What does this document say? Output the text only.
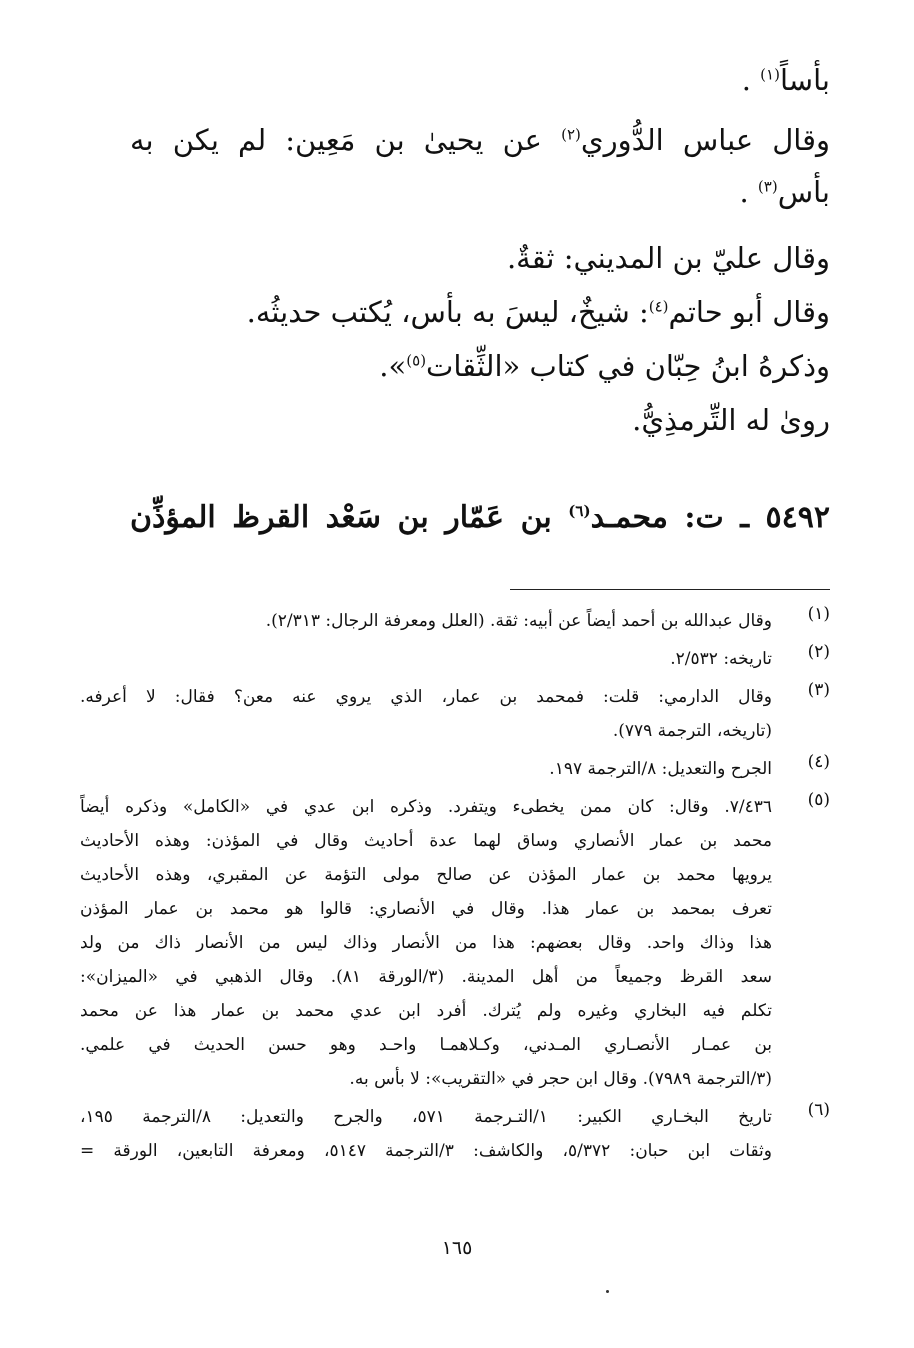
بأساً$^{(١)}$ .
وقال عباس الدُّوري$^{(٢)}$ عن يحيىٰ بن مَعِين: لم يكن به
بأس$^{(٣)}$ .
وقال عليّ بن المديني: ثقةٌ.
وقال أبو حاتم$^{(٤)}$: شيخٌ، ليسَ به بأس، يُكتب حديثُه.
وذكرهُ ابنُ حِبّان في كتاب «الثِّقات$^{(٥)}$».
رویٰ له التِّرمذِيُّ.
٥٤٩٢ ـ ت: محمـد$^{(٦)}$ بن عَمّار بن سَعْد القرظ المؤذِّن
(١)
وقال عبدالله بن أحمد أيضاً عن أبيه: ثقة. (العلل ومعرفة الرجال: ٢/٣١٣).
(٢)
تاريخه: ٢/٥٣٢.
(٣)
وقال الدارمي: قلت: فمحمد بن عمار، الذي يروي عنه معن؟ فقال: لا أعرفه.
(تاريخه، الترجمة ٧٧٩).
(٤)
الجرح والتعديل: ٨/الترجمة ١٩٧.
(٥)
٧/٤٣٦. وقال: كان ممن يخطىء ويتفرد. وذكره ابن عدي في «الكامل» وذكره أيضاً
محمد بن عمار الأنصاري وساق لهما عدة أحاديث وقال في المؤذن: وهذه الأحاديث
يرويها محمد بن عمار المؤذن عن صالح مولى التؤمة عن المقبري، وهذه الأحاديث
تعرف بمحمد بن عمار هذا. وقال في الأنصاري: قالوا هو محمد بن عمار المؤذن
هذا وذاك واحد. وقال بعضهم: هذا من الأنصار وذاك ليس من الأنصار ذاك من ولد
سعد القرظ وجميعاً من أهل المدينة. (٣/الورقة ٨١). وقال الذهبي في «الميزان»:
تكلم فيه البخاري وغيره ولم يُترك. أفرد ابن عدي محمد بن عمار هذا عن محمد
بن عمـار الأنصـاري المـدني، وكـلاهمـا واحـد وهو حسن الحديث في علمي.
(٣/الترجمة ٧٩٨٩). وقال ابن حجر في «التقريب»: لا بأس به.
(٦)
تاريخ البخـاري الكبير: ١/التـرجمة ٥٧١، والجرح والتعديل: ٨/الترجمة ١٩٥،
وثقات ابن حبان: ٥/٣٧٢، والكاشف: ٣/الترجمة ٥١٤٧، ومعرفة التابعين، الورقة =
١٦٥
